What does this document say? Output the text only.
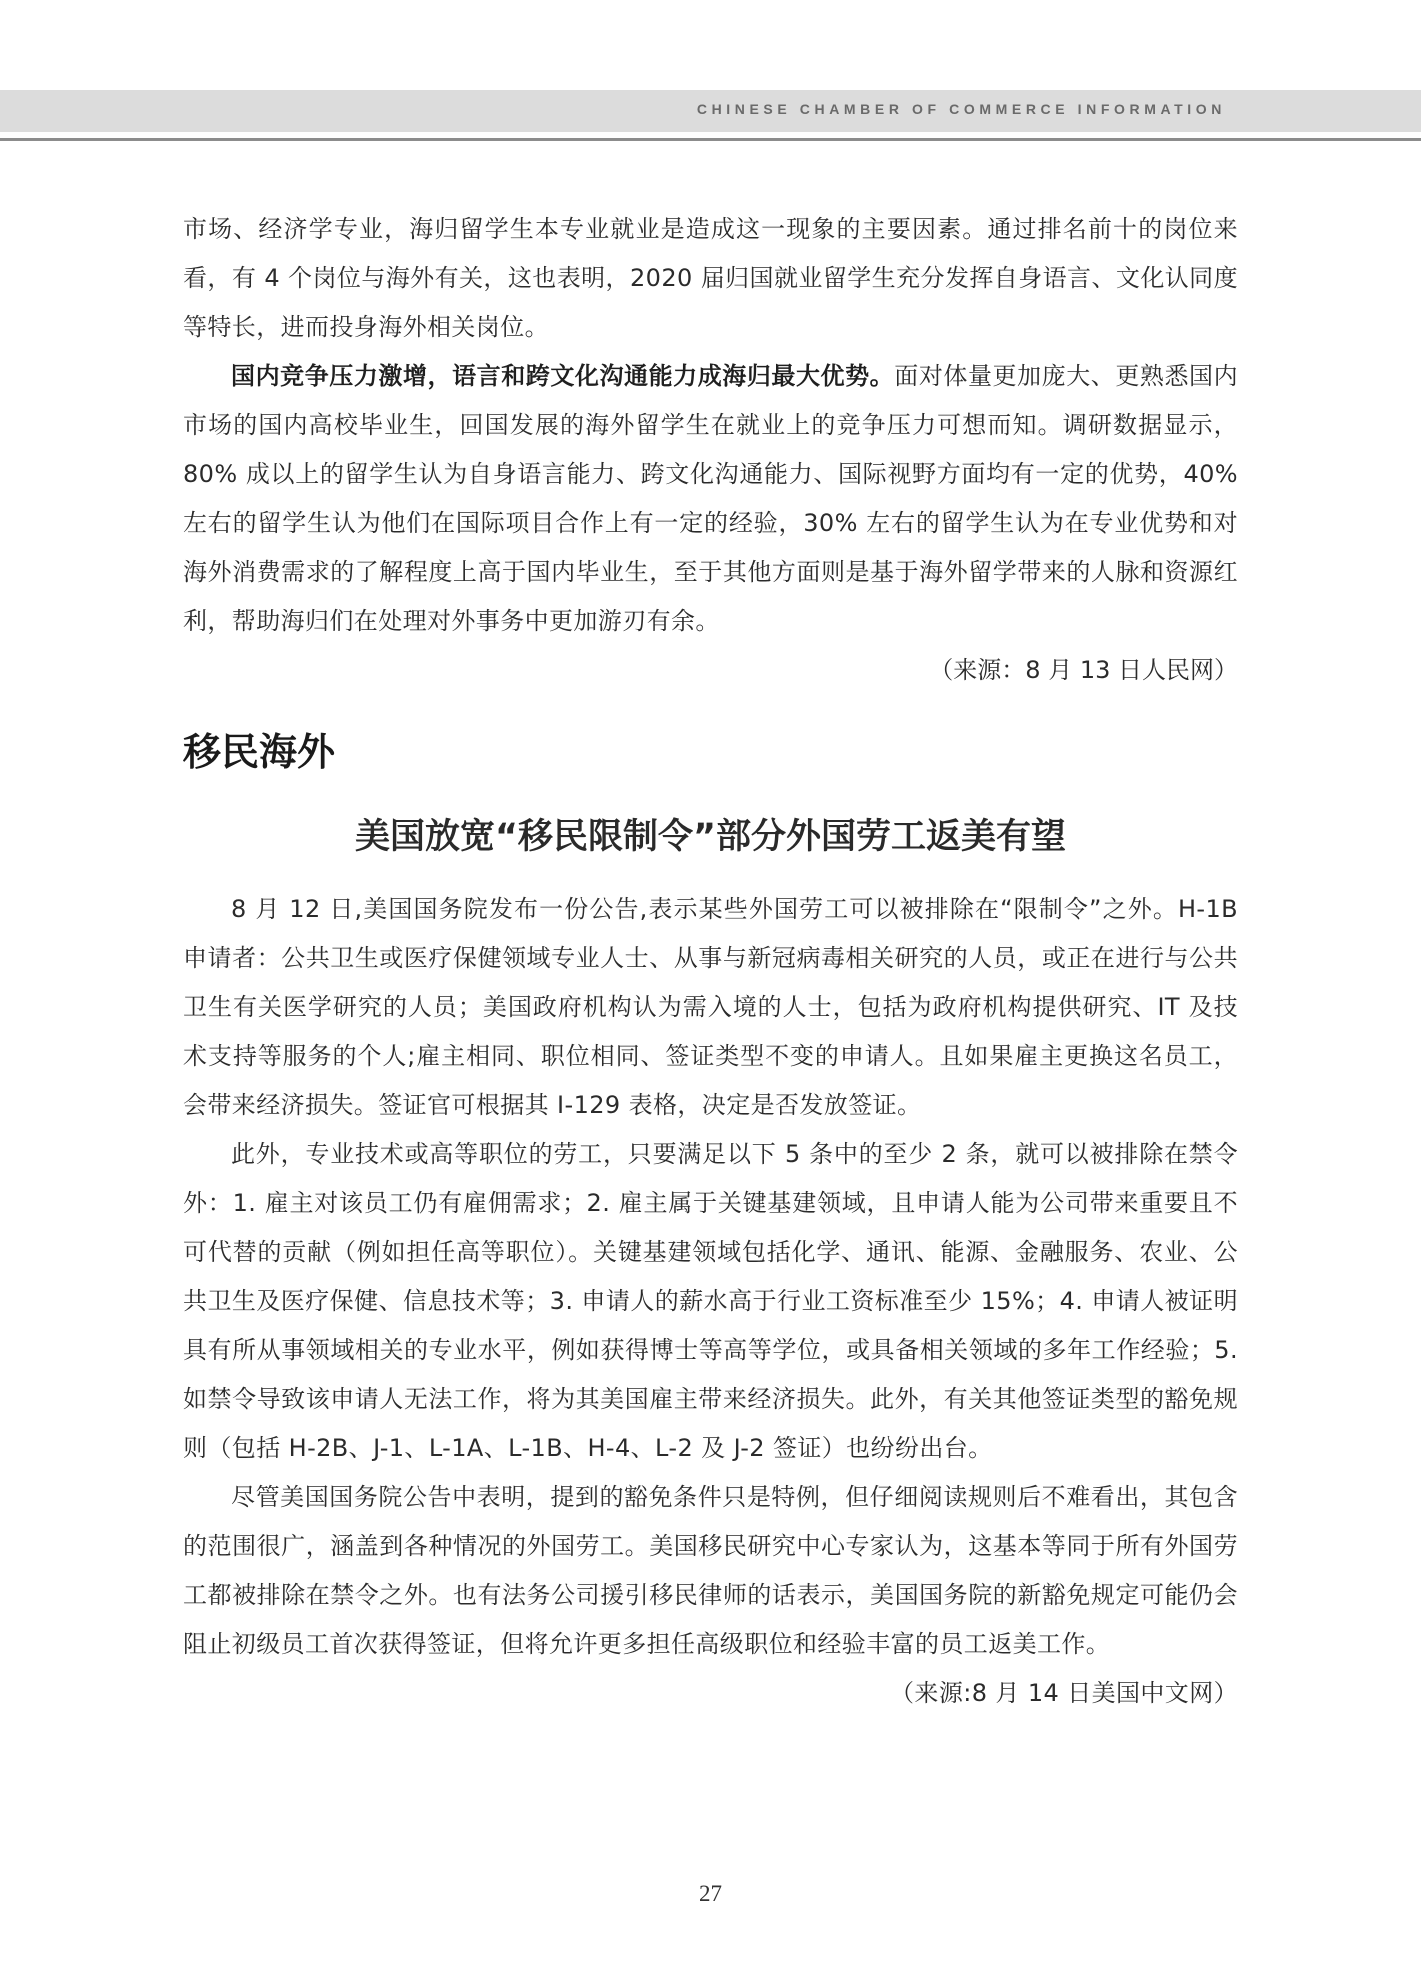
CHINESE CHAMBER OF COMMERCE INFORMATION

市场、经济学专业，海归留学生本专业就业是造成这一现象的主要因素。通过排名前十的岗位来看，有 4 个岗位与海外有关，这也表明，2020 届归国就业留学生充分发挥自身语言、文化认同度等特长，进而投身海外相关岗位。

国内竞争压力激增，语言和跨文化沟通能力成海归最大优势。面对体量更加庞大、更熟悉国内市场的国内高校毕业生，回国发展的海外留学生在就业上的竞争压力可想而知。调研数据显示，80% 成以上的留学生认为自身语言能力、跨文化沟通能力、国际视野方面均有一定的优势，40% 左右的留学生认为他们在国际项目合作上有一定的经验，30% 左右的留学生认为在专业优势和对海外消费需求的了解程度上高于国内毕业生，至于其他方面则是基于海外留学带来的人脉和资源红利，帮助海归们在处理对外事务中更加游刃有余。

（来源：8 月 13 日人民网）

移民海外
美国放宽“移民限制令”部分外国劳工返美有望

8 月 12 日,美国国务院发布一份公告,表示某些外国劳工可以被排除在“限制令”之外。H-1B 申请者：公共卫生或医疗保健领域专业人士、从事与新冠病毒相关研究的人员，或正在进行与公共卫生有关医学研究的人员；美国政府机构认为需入境的人士，包括为政府机构提供研究、IT 及技术支持等服务的个人;雇主相同、职位相同、签证类型不变的申请人。且如果雇主更换这名员工，会带来经济损失。签证官可根据其 I-129 表格，决定是否发放签证。

此外，专业技术或高等职位的劳工，只要满足以下 5 条中的至少 2 条，就可以被排除在禁令外：1. 雇主对该员工仍有雇佣需求；2. 雇主属于关键基建领域，且申请人能为公司带来重要且不可代替的贡献（例如担任高等职位）。关键基建领域包括化学、通讯、能源、金融服务、农业、公共卫生及医疗保健、信息技术等；3. 申请人的薪水高于行业工资标准至少 15%；4. 申请人被证明具有所从事领域相关的专业水平，例如获得博士等高等学位，或具备相关领域的多年工作经验；5. 如禁令导致该申请人无法工作，将为其美国雇主带来经济损失。此外，有关其他签证类型的豁免规则（包括 H-2B、J-1、L-1A、L-1B、H-4、L-2 及 J-2 签证）也纷纷出台。

尽管美国国务院公告中表明，提到的豁免条件只是特例，但仔细阅读规则后不难看出，其包含的范围很广，涵盖到各种情况的外国劳工。美国移民研究中心专家认为，这基本等同于所有外国劳工都被排除在禁令之外。也有法务公司援引移民律师的话表示，美国国务院的新豁免规定可能仍会阻止初级员工首次获得签证，但将允许更多担任高级职位和经验丰富的员工返美工作。
（来源:8 月 14 日美国中文网）

27
